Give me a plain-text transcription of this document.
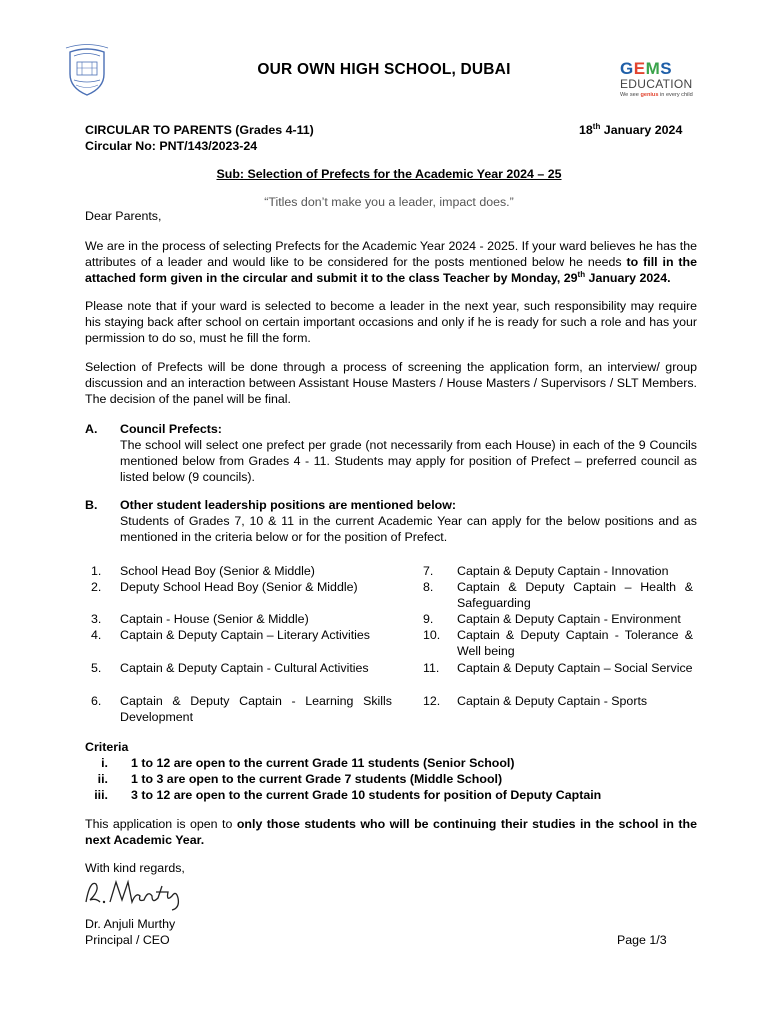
OUR OWN HIGH SCHOOL, DUBAI	GEMS
EDUCATION
We see genius in every child
CIRCULAR TO PARENTS (Grades 4-11)	18th January 2024
Circular No: PNT/143/2023-24
Sub: Selection of Prefects for the Academic Year 2024 – 25
“Titles don’t make you a leader, impact does.”
Dear Parents,
We are in the process of selecting Prefects for the Academic Year 2024 - 2025. If your ward believes he has the attributes of a leader and would like to be considered for the posts mentioned below he needs to fill in the attached form given in the circular and submit it to the class Teacher by Monday, 29th January 2024.
Please note that if your ward is selected to become a leader in the next year, such responsibility may require his staying back after school on certain important occasions and only if he is ready for such a role and has your permission to do so, must he fill the form.
Selection of Prefects will be done through a process of screening the application form, an interview/ group discussion and an interaction between Assistant House Masters / House Masters / Supervisors / SLT Members. The decision of the panel will be final.
A. Council Prefects:
The school will select one prefect per grade (not necessarily from each House) in each of the 9 Councils mentioned below from Grades 4 - 11. Students may apply for position of Prefect – preferred council as listed below (9 councils).
B. Other student leadership positions are mentioned below:
Students of Grades 7, 10 & 11 in the current Academic Year can apply for the below positions and as mentioned in the criteria below or for the position of Prefect.
1. School Head Boy (Senior & Middle)
2. Deputy School Head Boy (Senior & Middle)
3. Captain - House (Senior & Middle)
4. Captain & Deputy Captain – Literary Activities
5. Captain & Deputy Captain - Cultural Activities
6. Captain & Deputy Captain - Learning Skills Development
7. Captain & Deputy Captain - Innovation
8. Captain & Deputy Captain – Health & Safeguarding
9. Captain & Deputy Captain - Environment
10. Captain & Deputy Captain - Tolerance & Well being
11. Captain & Deputy Captain – Social Service
12. Captain & Deputy Captain - Sports
Criteria
i. 1 to 12 are open to the current Grade 11 students (Senior School)
ii. 1 to 3 are open to the current Grade 7 students (Middle School)
iii. 3 to 12 are open to the current Grade 10 students for position of Deputy Captain
This application is open to only those students who will be continuing their studies in the school in the next Academic Year.
With kind regards,
Dr. Anjuli Murthy
Principal / CEO	Page 1/3
